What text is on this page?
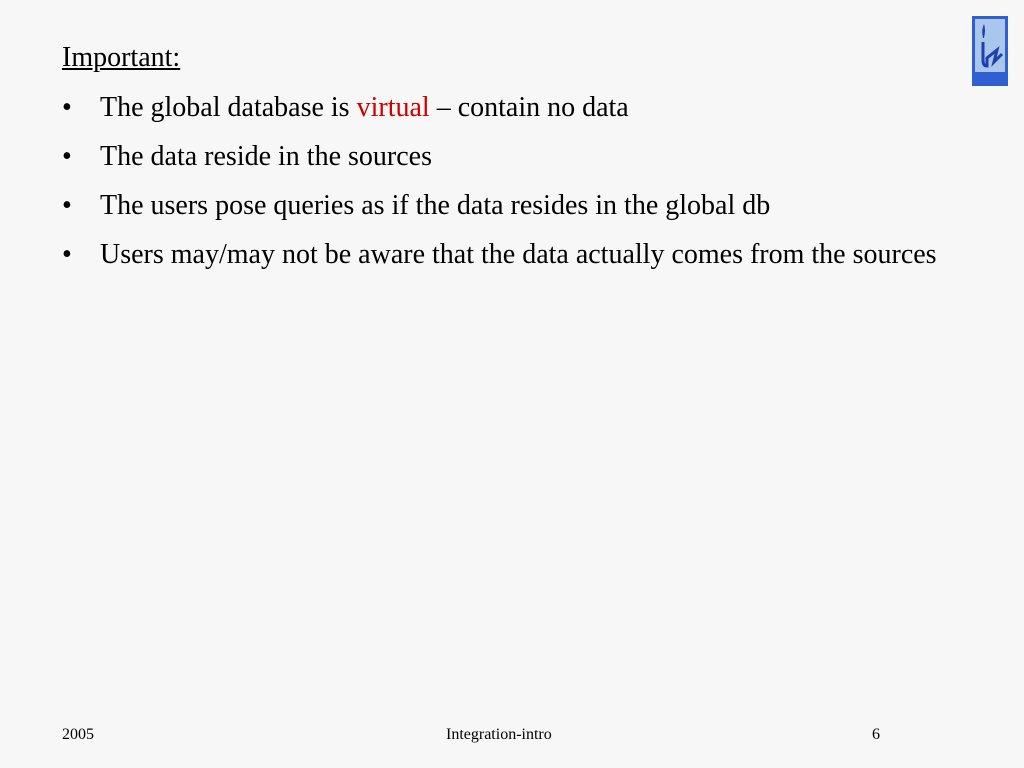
Important:
• The global database is virtual – contain no data
• The data reside in the sources
• The users pose queries as if the data resides in the global db
• Users may/may not be aware that the data actually comes from the sources
2005	Integration-intro	6
